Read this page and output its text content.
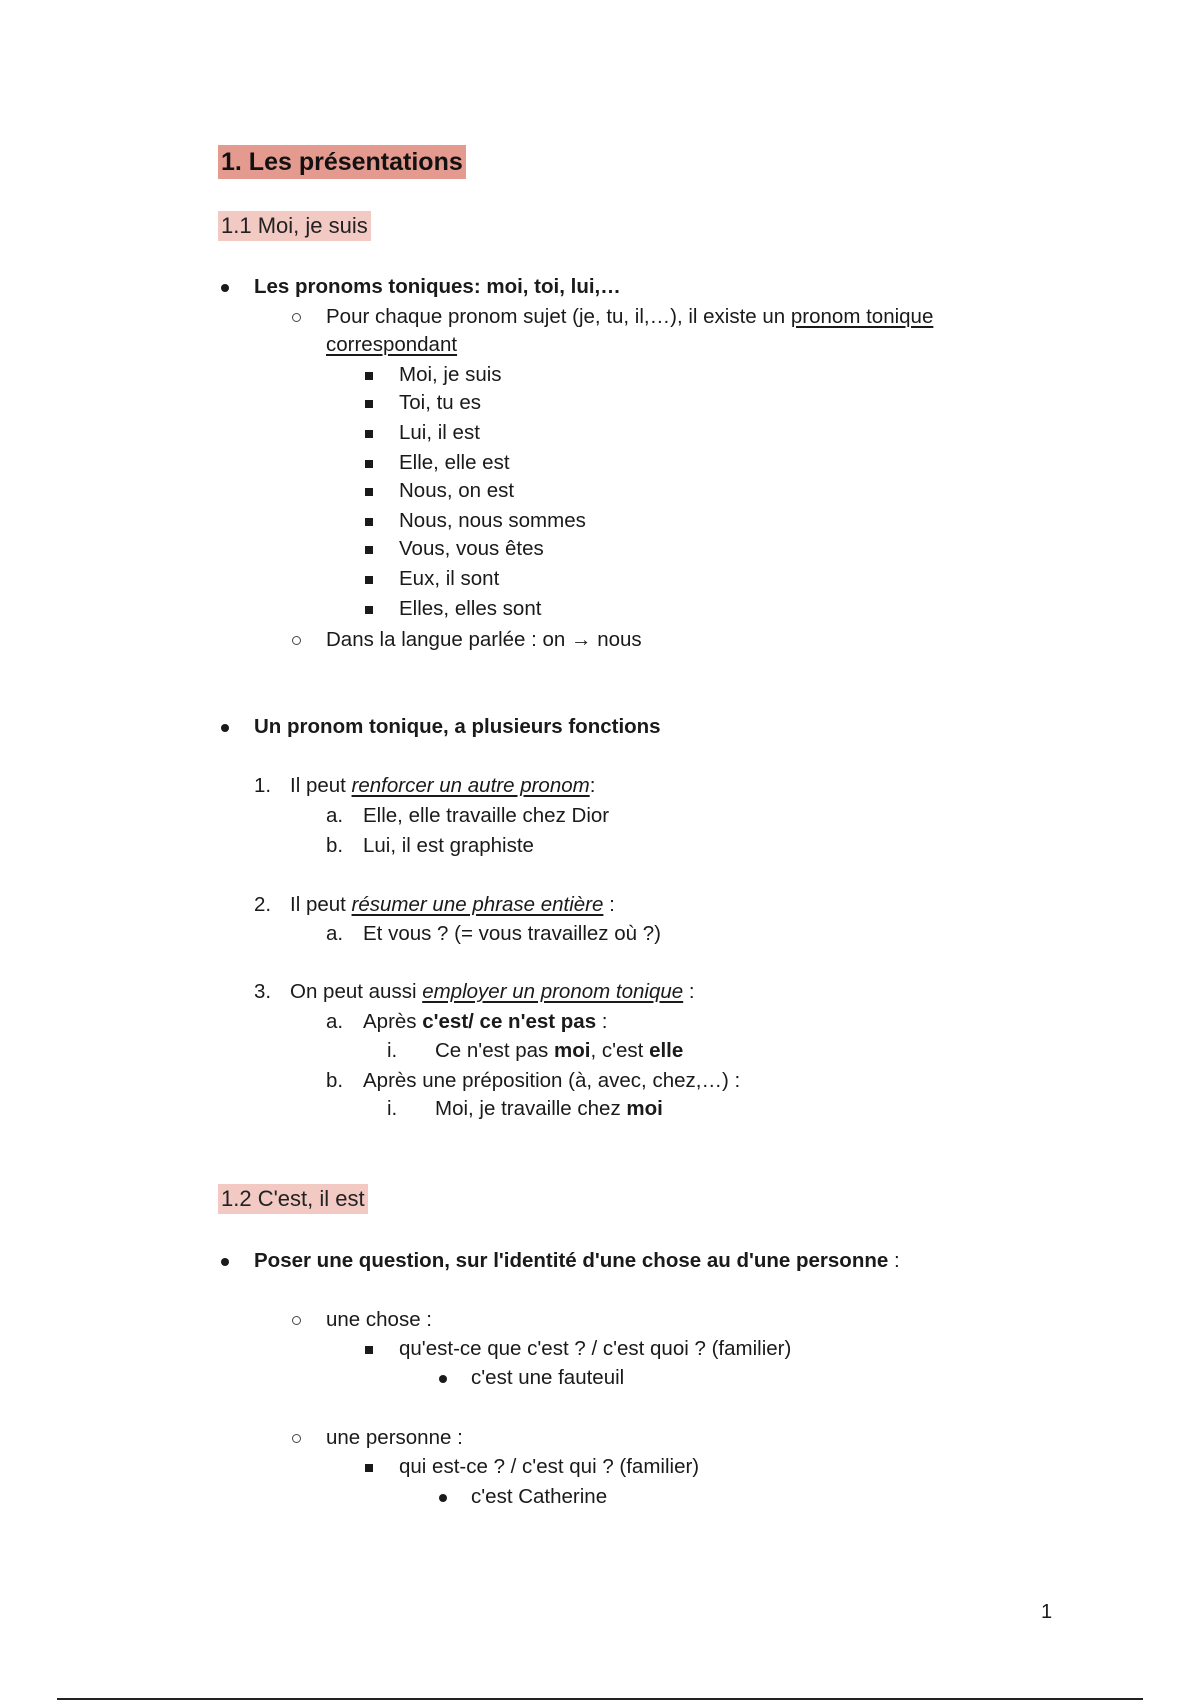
1. Les présentations
1.1 Moi, je suis
Les pronoms toniques: moi, toi, lui,…
Pour chaque pronom sujet (je, tu, il,…), il existe un pronom tonique
correspondant
Moi, je suis
Toi, tu es
Lui, il est
Elle, elle est
Nous, on est
Nous, nous sommes
Vous, vous êtes
Eux, il sont
Elles, elles sont
Dans la langue parlée : on → nous
Un pronom tonique, a plusieurs fonctions
1. Il peut renforcer un autre pronom:
a. Elle, elle travaille chez Dior
b. Lui, il est graphiste
2. Il peut résumer une phrase entière :
a. Et vous ? (= vous travaillez où ?)
3. On peut aussi employer un pronom tonique :
a. Après c'est/ ce n'est pas :
i. Ce n'est pas moi, c'est elle
b. Après une préposition (à, avec, chez,…) :
i. Moi, je travaille chez moi
1.2 C'est, il est
Poser une question, sur l'identité d'une chose au d'une personne :
une chose :
qu'est-ce que c'est ? / c'est quoi ? (familier)
c'est une fauteuil
une personne :
qui est-ce ? / c'est qui ? (familier)
c'est Catherine
1
